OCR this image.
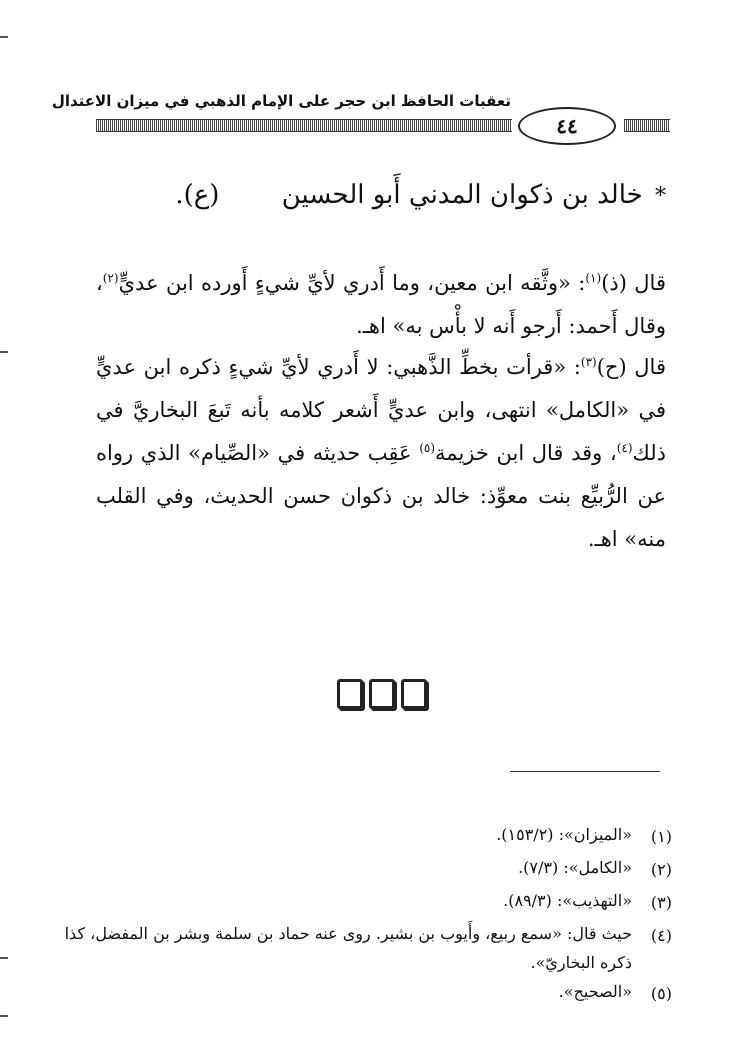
تعقبات الحافظ ابن حجر على الإمام الذهبي في ميزان الاعتدال
٤٤
* خالد بن ذكوان المدني أَبو الحسين (ع).
قال (ذ)$^{(١)}$: «وثَّقه ابن معين، وما أَدري لأيِّ شيءٍ أَورده ابن عديٍّ$^{(٢)}$، وقال أَحمد: أَرجو أَنه لا بأْس به» اهـ.
قال (ح)$^{(٣)}$: «قرأت بخطِّ الذَّهبي: لا أَدري لأيِّ شيءٍ ذكره ابن عديٍّ في «الكامل» انتهى، وابن عديٍّ أَشعر كلامه بأنه تَبعَ البخاريَّ في ذلك$^{(٤)}$، وقد قال ابن خزيمة$^{(٥)}$ عَقِب حديثه في «الصِّيام» الذي رواه عن الرُّبيِّع بنت معوِّذ: خالد بن ذكوان حسن الحديث، وفي القلب منه» اهـ.
(١)
«الميزان»: (١٥٣/٢).
(٢)
«الكامل»: (٧/٣).
(٣)
«التهذيب»: (٨٩/٣).
(٤)
حيث قال: «سمع ربيع، وأَيوب بن بشير. روى عنه حماد بن سلمة وبشر بن المفضل، كذا ذكره البخاريّ».
(٥)
«الصحيح».
